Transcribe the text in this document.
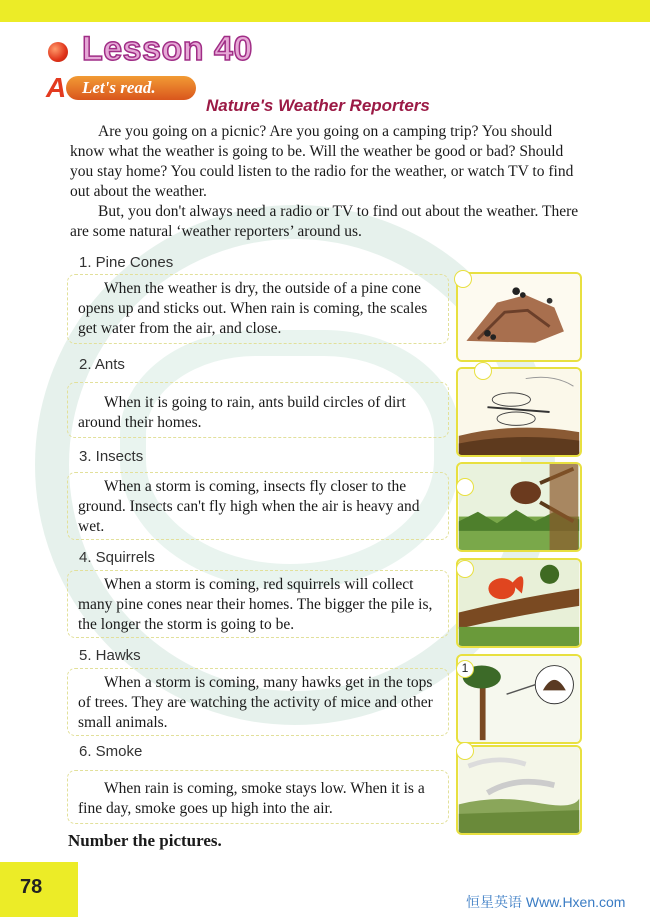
Lesson 40
A Let's read.
Nature's Weather Reporters

Are you going on a picnic? Are you going on a camping trip? You should know what the weather is going to be. Will the weather be good or bad? Should you stay home? You could listen to the radio for the weather, or watch TV to find out about the weather.

But, you don't always need a radio or TV to find out about the weather. There are some natural ‘weather reporters’ around us.

1. Pine Cones

When the weather is dry, the outside of a pine cone opens up and sticks out. When rain is coming, the scales get water from the air, and close.

2. Ants

When it is going to rain, ants build circles of dirt around their homes.

3. Insects

When a storm is coming, insects fly closer to the ground. Insects can't fly high when the air is heavy and wet.

4. Squirrels

When a storm is coming, red squirrels will collect many pine cones near their homes. The bigger the pile is, the longer the storm is going to be.

5. Hawks

When a storm is coming, many hawks get in the tops of trees. They are watching the activity of mice and other small animals.

6. Smoke

When rain is coming, smoke stays low. When it is a fine day, smoke goes up high into the air.

1
Number the pictures.
78
恒星英语 Www.Hxen.com
